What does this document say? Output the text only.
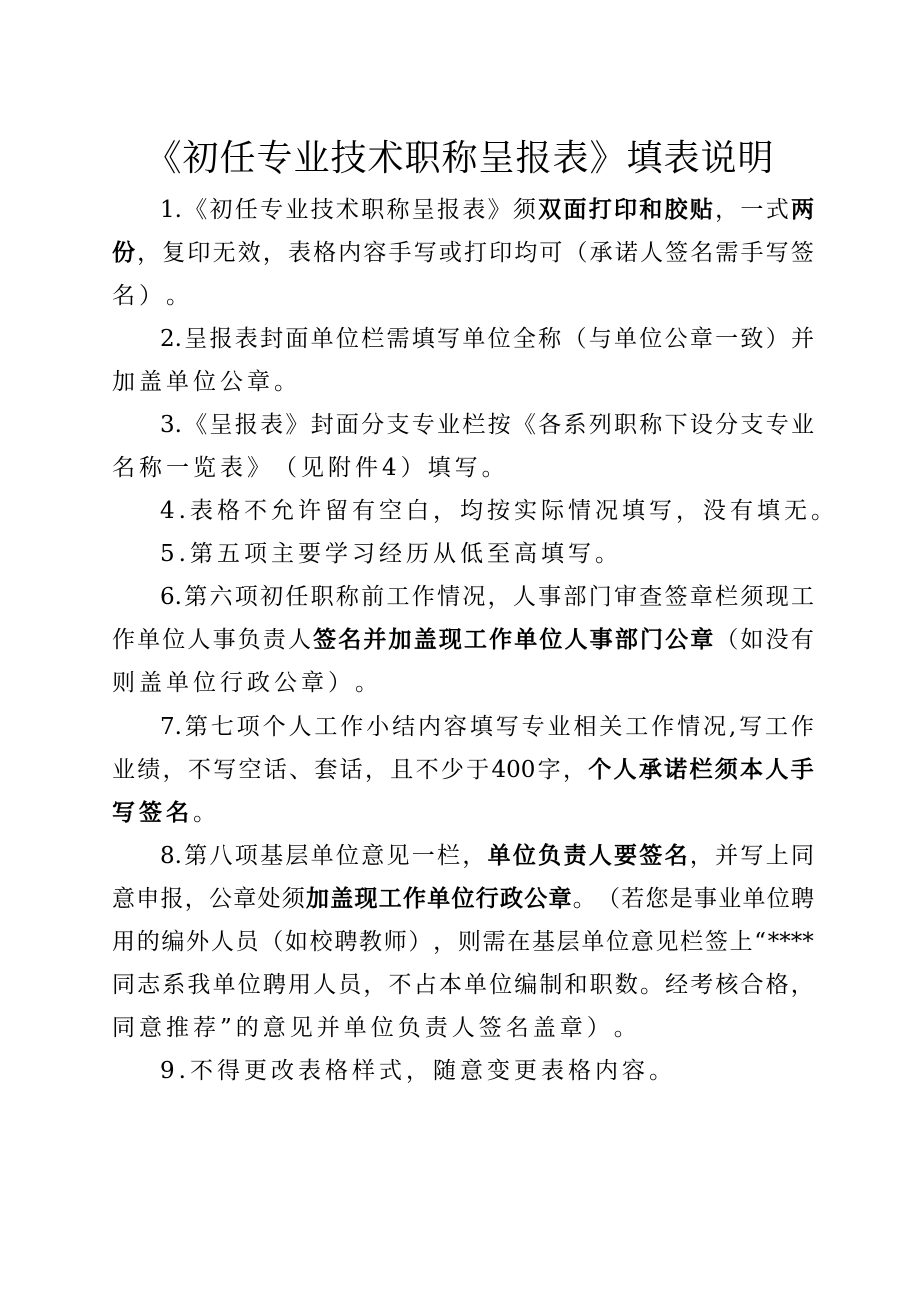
《初任专业技术职称呈报表》填表说明
1. 《 初 任 专 业 技 术 职 称 呈 报 表 》 须 双 面 打 印 和 胶 贴 ， 一 式 两
份 ， 复 印 无 效 ， 表 格 内 容 手 写 或 打 印 均 可 （ 承 诺 人 签 名 需 手 写 签
名 ） 。
2. 呈 报 表 封 面 单 位 栏 需 填 写 单 位 全 称 （ 与 单 位 公 章 一 致 ） 并
加 盖 单 位 公 章 。
3. 《 呈 报 表 》 封 面 分 支 专 业 栏 按 《 各 系 列 职 称 下 设 分 支 专 业
名 称 一 览 表 》 （ 见 附 件 4 ） 填 写 。
4. 表 格 不 允 许 留 有 空 白 ， 均 按 实 际 情 况 填 写 ， 没 有 填 无 。
5. 第 五 项 主 要 学 习 经 历 从 低 至 高 填 写 。
6. 第 六 项 初 任 职 称 前 工 作 情 况 ， 人 事 部 门 审 查 签 章 栏 须 现 工
作 单 位 人 事 负 责 人 签 名 并 加 盖 现 工 作 单 位 人 事 部 门 公 章 （ 如 没 有
则 盖 单 位 行 政 公 章 ） 。
7. 第 七 项 个 人 工 作 小 结 内 容 填 写 专 业 相 关 工 作 情 况 , 写 工 作
业 绩 ， 不 写 空 话 、 套 话 ， 且 不 少 于 400 字 ， 个 人 承 诺 栏 须 本 人 手
写 签 名 。
8. 第 八 项 基 层 单 位 意 见 一 栏 ， 单 位 负 责 人 要 签 名 ， 并 写 上 同
意 申 报 ， 公 章 处 须 加 盖 现 工 作 单 位 行 政 公 章 。 （ 若 您 是 事 业 单 位 聘
用 的 编 外 人 员 （ 如 校 聘 教 师 ） ， 则 需 在 基 层 单 位 意 见 栏 签 上 “ ****
同 志 系 我 单 位 聘 用 人 员 ， 不 占 本 单 位 编 制 和 职 数 。 经 考 核 合 格 ，
同 意 推 荐 ” 的 意 见 并 单 位 负 责 人 签 名 盖 章 ） 。
9. 不 得 更 改 表 格 样 式 ， 随 意 变 更 表 格 内 容 。
